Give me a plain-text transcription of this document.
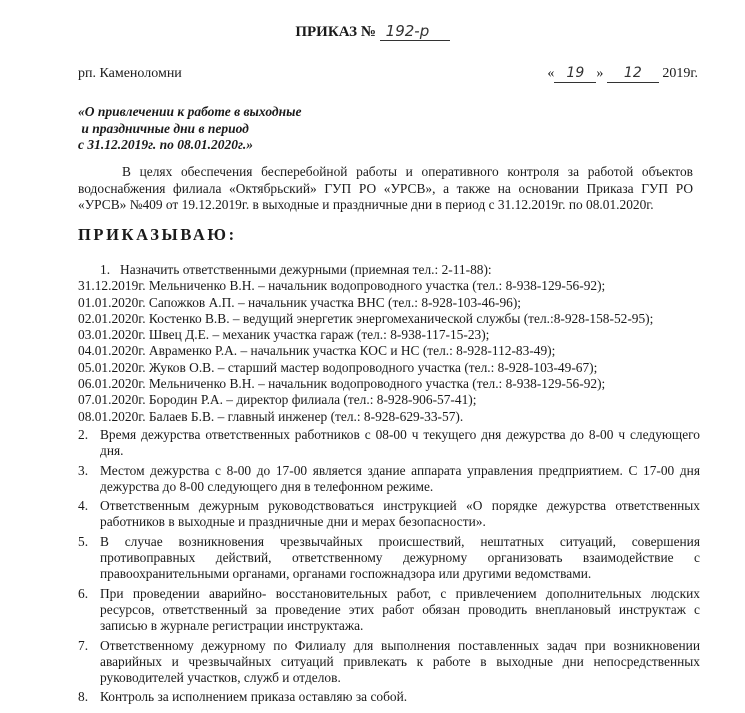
ПРИКАЗ № 192-р
рп. Каменоломни	« 19 » 12 2019г.
«О привлечении к работе в выходные
и праздничные дни в период
с 31.12.2019г. по 08.01.2020г.»
В целях обеспечения бесперебойной работы и оперативного контроля за работой объектов водоснабжения филиала «Октябрьский» ГУП РО «УРСВ», а также на основании Приказа ГУП РО «УРСВ» №409 от 19.12.2019г. в выходные и праздничные дни в период с 31.12.2019г. по 08.01.2020г.
ПРИКАЗЫВАЮ:
1. Назначить ответственными дежурными (приемная тел.: 2-11-88):
31.12.2019г. Мельниченко В.Н. – начальник водопроводного участка (тел.: 8-938-129-56-92);
01.01.2020г. Сапожков А.П. – начальник участка ВНС (тел.: 8-928-103-46-96);
02.01.2020г. Костенко В.В. – ведущий энергетик энергомеханической службы (тел.:8-928-158-52-95);
03.01.2020г. Швец Д.Е. – механик участка гараж (тел.: 8-938-117-15-23);
04.01.2020г. Авраменко Р.А. – начальник участка КОС и НС (тел.: 8-928-112-83-49);
05.01.2020г. Жуков О.В. – старший мастер водопроводного участка (тел.: 8-928-103-49-67);
06.01.2020г. Мельниченко В.Н. – начальник водопроводного участка (тел.: 8-938-129-56-92);
07.01.2020г. Бородин Р.А. – директор филиала (тел.: 8-928-906-57-41);
08.01.2020г. Балаев Б.В. – главный инженер (тел.: 8-928-629-33-57).
2. Время дежурства ответственных работников с 08-00 ч текущего дня дежурства до 8-00 ч следующего дня.
3. Местом дежурства с 8-00 до 17-00 является здание аппарата управления предприятием. С 17-00 дня дежурства до 8-00 следующего дня в телефонном режиме.
4. Ответственным дежурным руководствоваться инструкцией «О порядке дежурства ответственных работников в выходные и праздничные дни и мерах безопасности».
5. В случае возникновения чрезвычайных происшествий, нештатных ситуаций, совершения противоправных действий, ответственному дежурному организовать взаимодействие с правоохранительными органами, органами госпожнадзора или другими ведомствами.
6. При проведении аварийно- восстановительных работ, с привлечением дополнительных людских ресурсов, ответственный за проведение этих работ обязан проводить внеплановый инструктаж с записью в журнале регистрации инструктажа.
7. Ответственному дежурному по Филиалу для выполнения поставленных задач при возникновении аварийных и чрезвычайных ситуаций привлекать к работе в выходные дни непосредственных руководителей участков, служб и отделов.
8. Контроль за исполнением приказа оставляю за собой.
